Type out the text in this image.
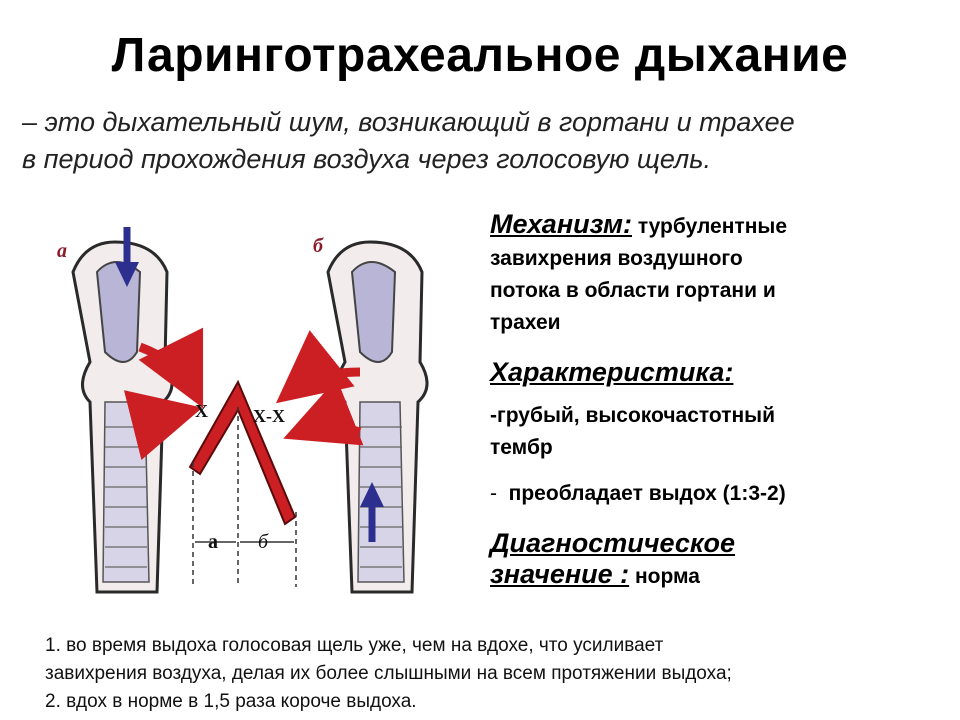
Ларинготрахеальное дыхание
– это дыхательный шум, возникающий в гортани и трахее
в период прохождения воздуха через голосовую щель.
а	б
Х	Х-Х
а б
Механизм: турбулентные
завихрения воздушного
потока в области гортани и
трахеи
Характеристика:
-грубый, высокочастотный
тембр
- преобладает выдох (1:3-2)
Диагностическое
значение : норма
1. во время выдоха голосовая щель уже, чем на вдохе, что усиливает
завихрения воздуха, делая их более слышными на всем протяжении выдоха;
2. вдох в норме в 1,5 раза короче выдоха.
